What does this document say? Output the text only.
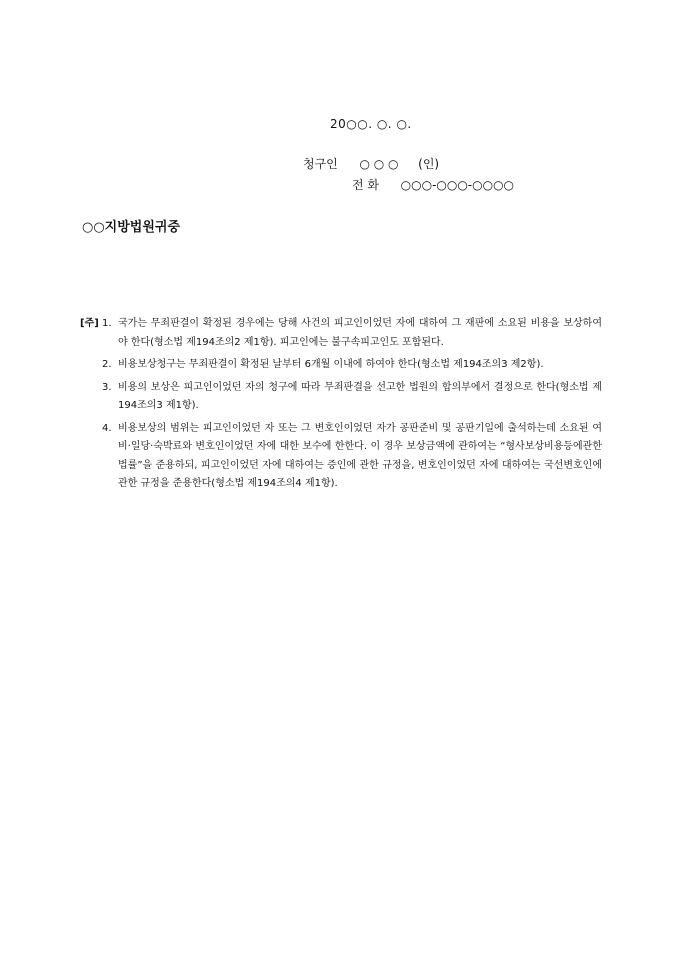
20○○. ○. ○.
청구인 ○ ○ ○ (인)
전 화 ○○○-○○○-○○○○
○○지방법원귀중
[주] 1. 국가는 무죄판결이 확정된 경우에는 당해 사건의 피고인이었던 자에 대하여 그 재판에 소요된 비용을 보상하여야 한다(형소법 제194조의2 제1항). 피고인에는 불구속피고인도 포함된다.
2. 비용보상청구는 무죄판결이 확정된 날부터 6개월 이내에 하여야 한다(형소법 제194조의3 제2항).
3. 비용의 보상은 피고인이었던 자의 청구에 따라 무죄판결을 선고한 법원의 합의부에서 결정으로 한다(형소법 제194조의3 제1항).
4. 비용보상의 범위는 피고인이었던 자 또는 그 변호인이었던 자가 공판준비 및 공판기일에 출석하는데 소요된 여비·일당·숙박료와 변호인이었던 자에 대한 보수에 한한다. 이 경우 보상금액에 관하여는 “형사보상비용등에관한법률”을 준용하되, 피고인이었던 자에 대하여는 증인에 관한 규정을, 변호인이었던 자에 대하여는 국선변호인에 관한 규정을 준용한다(형소법 제194조의4 제1항).
